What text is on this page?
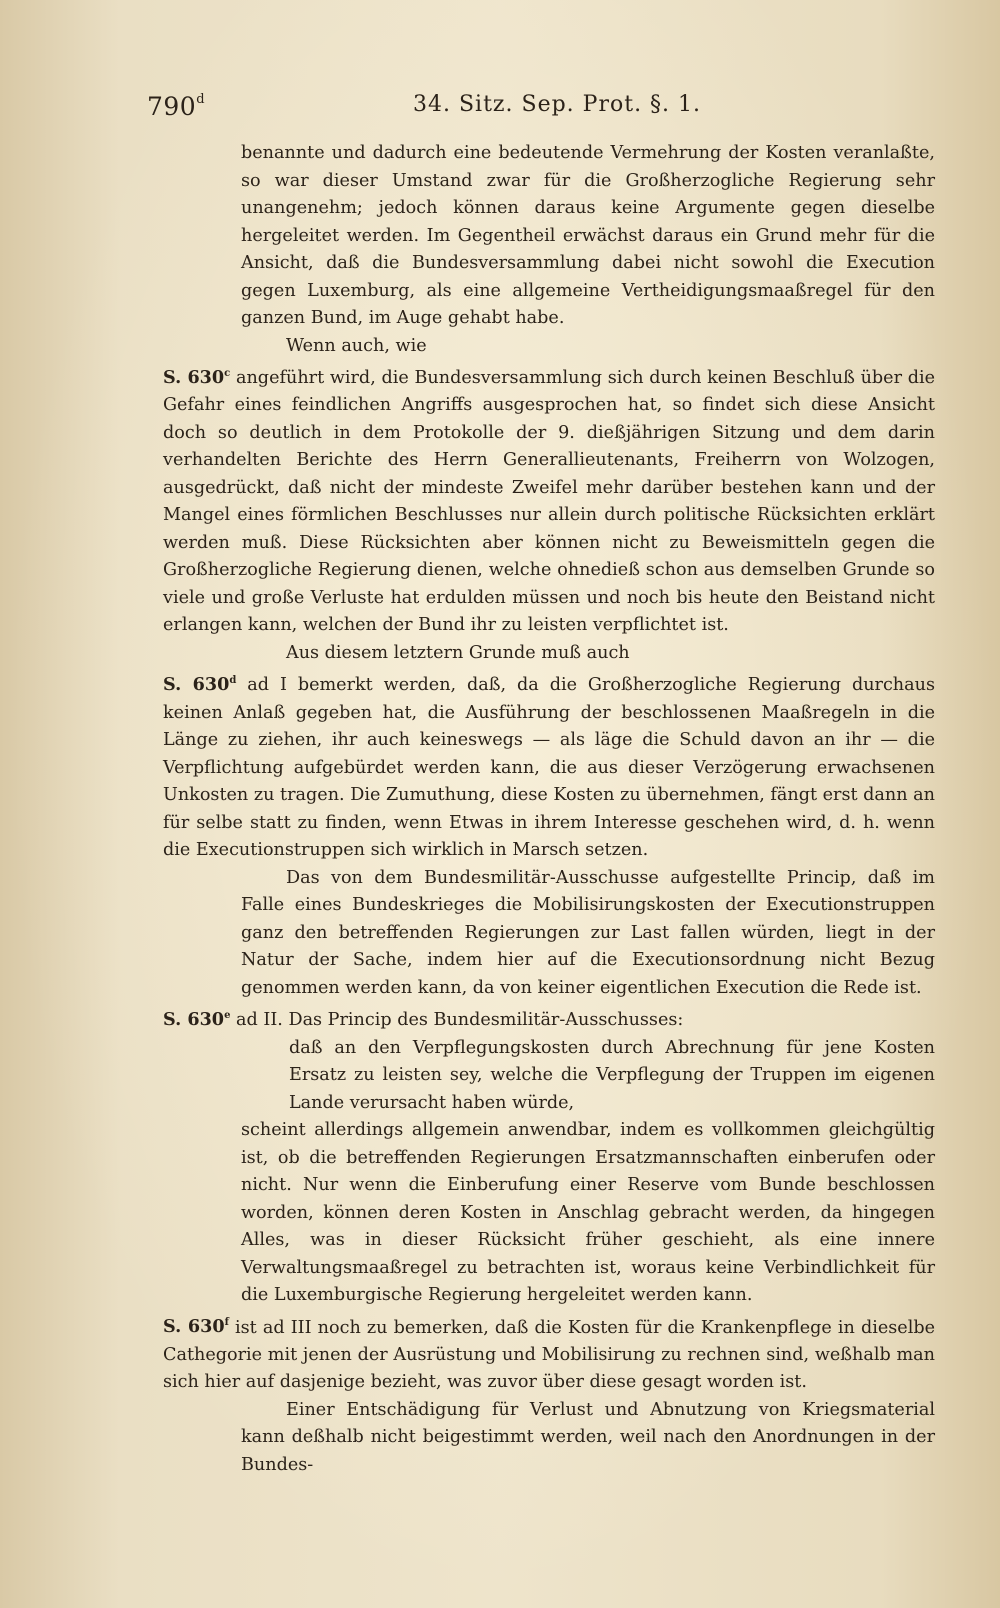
790$^d$	34. Sitz. Sep. Prot. §. 1.

benannte und dadurch eine bedeutende Vermehrung der Kosten veranlaßte, so war dieser Umstand zwar für die Großherzogliche Regierung sehr unangenehm; jedoch können daraus keine Argumente gegen dieselbe hergeleitet werden. Im Gegentheil erwächst daraus ein Grund mehr für die Ansicht, daß die Bundesversammlung dabei nicht sowohl die Execution gegen Luxemburg, als eine allgemeine Vertheidigungsmaaßregel für den ganzen Bund, im Auge gehabt habe.

Wenn auch, wie

S. 630$^c$ angeführt wird, die Bundesversammlung sich durch keinen Beschluß über die Gefahr eines feindlichen Angriffs ausgesprochen hat, so findet sich diese Ansicht doch so deutlich in dem Protokolle der 9. dießjährigen Sitzung und dem darin verhandelten Berichte des Herrn Generallieutenants, Freiherrn von Wolzogen, ausgedrückt, daß nicht der mindeste Zweifel mehr darüber bestehen kann und der Mangel eines förmlichen Beschlusses nur allein durch politische Rücksichten erklärt werden muß. Diese Rücksichten aber können nicht zu Beweismitteln gegen die Großherzogliche Regierung dienen, welche ohnedieß schon aus demselben Grunde so viele und große Verluste hat erdulden müssen und noch bis heute den Beistand nicht erlangen kann, welchen der Bund ihr zu leisten verpflichtet ist.

Aus diesem letztern Grunde muß auch

S. 630$^d$ ad I bemerkt werden, daß, da die Großherzogliche Regierung durchaus keinen Anlaß gegeben hat, die Ausführung der beschlossenen Maaßregeln in die Länge zu ziehen, ihr auch keineswegs — als läge die Schuld davon an ihr — die Verpflichtung aufgebürdet werden kann, die aus dieser Verzögerung erwachsenen Unkosten zu tragen. Die Zumuthung, diese Kosten zu übernehmen, fängt erst dann an für selbe statt zu finden, wenn Etwas in ihrem Interesse geschehen wird, d. h. wenn die Executionstruppen sich wirklich in Marsch setzen.

Das von dem Bundesmilitär-Ausschusse aufgestellte Princip, daß im Falle eines Bundeskrieges die Mobilisirungskosten der Executionstruppen ganz den betreffenden Regierungen zur Last fallen würden, liegt in der Natur der Sache, indem hier auf die Executionsordnung nicht Bezug genommen werden kann, da von keiner eigentlichen Execution die Rede ist.

S. 630e ad II. Das Princip des Bundesmilitär-Ausschusses:

daß an den Verpflegungskosten durch Abrechnung für jene Kosten Ersatz zu leisten sey, welche die Verpflegung der Truppen im eigenen Lande verursacht haben würde,

scheint allerdings allgemein anwendbar, indem es vollkommen gleichgültig ist, ob die betreffenden Regierungen Ersatzmannschaften einberufen oder nicht. Nur wenn die Einberufung einer Reserve vom Bunde beschlossen worden, können deren Kosten in Anschlag gebracht werden, da hingegen Alles, was in dieser Rücksicht früher geschieht, als eine innere Verwaltungsmaaßregel zu betrachten ist, woraus keine Verbindlichkeit für die Luxemburgische Regierung hergeleitet werden kann.

S. 630$^f$ ist ad III noch zu bemerken, daß die Kosten für die Krankenpflege in dieselbe Cathegorie mit jenen der Ausrüstung und Mobilisirung zu rechnen sind, weßhalb man sich hier auf dasjenige bezieht, was zuvor über diese gesagt worden ist.

Einer Entschädigung für Verlust und Abnutzung von Kriegsmaterial kann deßhalb nicht beigestimmt werden, weil nach den Anordnungen in der Bundes-
